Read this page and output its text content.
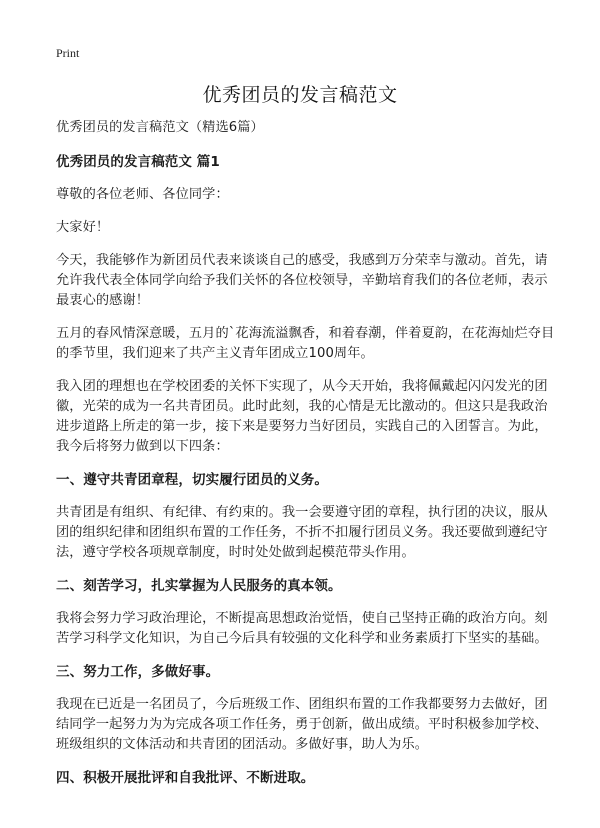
Print
优秀团员的发言稿范文

优秀团员的发言稿范文（精选6篇）

优秀团员的发言稿范文 篇1

尊敬的各位老师、各位同学：

大家好！

今天，我能够作为新团员代表来谈谈自己的感受，我感到万分荣幸与激动。首先，请允许我代表全体同学向给予我们关怀的各位校领导，辛勤培育我们的各位老师，表示最衷心的感谢！

五月的春风情深意暖，五月的`花海流溢飘香，和着春潮，伴着夏韵，在花海灿烂夺目的季节里，我们迎来了共产主义青年团成立100周年。

我入团的理想也在学校团委的关怀下实现了，从今天开始，我将佩戴起闪闪发光的团徽，光荣的成为一名共青团员。此时此刻，我的心情是无比激动的。但这只是我政治进步道路上所走的第一步，接下来是要努力当好团员，实践自己的入团誓言。为此，我今后将努力做到以下四条：

一、遵守共青团章程，切实履行团员的义务。

共青团是有组织、有纪律、有约束的。我一会要遵守团的章程，执行团的决议，服从团的组织纪律和团组织布置的工作任务，不折不扣履行团员义务。我还要做到遵纪守法，遵守学校各项规章制度，时时处处做到起模范带头作用。

二、刻苦学习，扎实掌握为人民服务的真本领。

我将会努力学习政治理论，不断提高思想政治觉悟，使自己坚持正确的政治方向。刻苦学习科学文化知识，为自己今后具有较强的文化科学和业务素质打下坚实的基础。

三、努力工作，多做好事。

我现在已近是一名团员了，今后班级工作、团组织布置的工作我都要努力去做好，团结同学一起努力为为完成各项工作任务，勇于创新，做出成绩。平时积极参加学校、班级组织的文体活动和共青团的团活动。多做好事，助人为乐。

四、积极开展批评和自我批评、不断进取。
